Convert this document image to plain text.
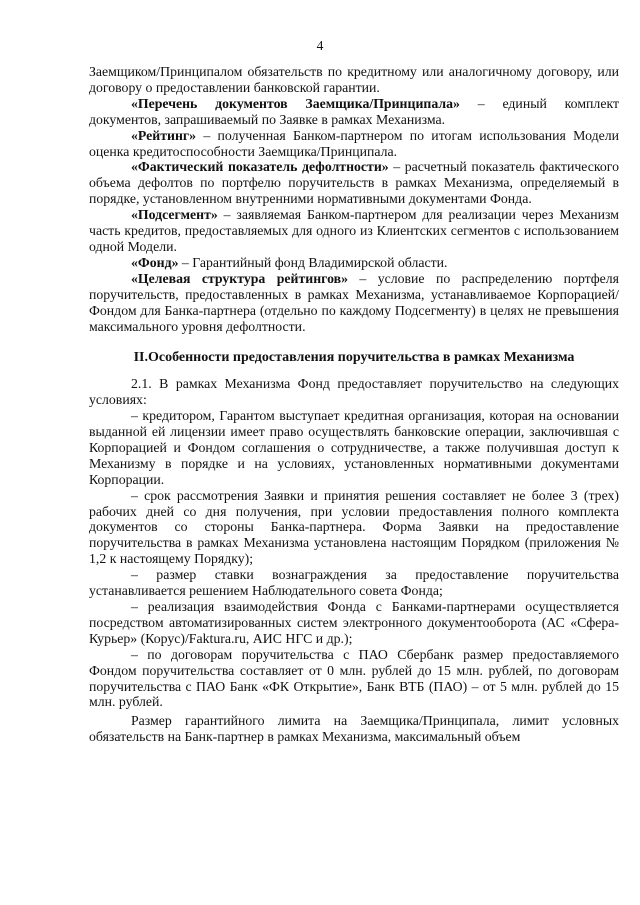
4

Заемщиком/Принципалом обязательств по кредитному или аналогичному договору, или договору о предоставлении банковской гарантии.

«Перечень документов Заемщика/Принципала» – единый комплект документов, запрашиваемый по Заявке в рамках Механизма.

«Рейтинг» – полученная Банком-партнером по итогам использования Модели оценка кредитоспособности Заемщика/Принципала.

«Фактический показатель дефолтности» – расчетный показатель фактического объема дефолтов по портфелю поручительств в рамках Механизма, определяемый в порядке, установленном внутренними нормативными документами Фонда.

«Подсегмент» – заявляемая Банком-партнером для реализации через Механизм часть кредитов, предоставляемых для одного из Клиентских сегментов с использованием одной Модели.

«Фонд» – Гарантийный фонд Владимирской области.

«Целевая структура рейтингов» – условие по распределению портфеля поручительств, предоставленных в рамках Механизма, устанавливаемое Корпорацией/Фондом для Банка-партнера (отдельно по каждому Подсегменту) в целях не превышения максимального уровня дефолтности.

II.Особенности предоставления поручительства в рамках Механизма

2.1. В рамках Механизма Фонд предоставляет поручительство на следующих условиях:

– кредитором, Гарантом выступает кредитная организация, которая на основании выданной ей лицензии имеет право осуществлять банковские операции, заключившая с Корпорацией и Фондом соглашения о сотрудничестве, а также получившая доступ к Механизму в порядке и на условиях, установленных нормативными документами Корпорации.

– срок рассмотрения Заявки и принятия решения составляет не более 3 (трех) рабочих дней со дня получения, при условии предоставления полного комплекта документов со стороны Банка-партнера. Форма Заявки на предоставление поручительства в рамках Механизма установлена настоящим Порядком (приложения № 1,2 к настоящему Порядку);

– размер ставки вознаграждения за предоставление поручительства устанавливается решением Наблюдательного совета Фонда;

– реализация взаимодействия Фонда с Банками-партнерами осуществляется посредством автоматизированных систем электронного документооборота (АС «Сфера-Курьер» (Корус)/Faktura.ru, АИС НГС и др.);

– по договорам поручительства с ПАО Сбербанк размер предоставляемого Фондом поручительства составляет от 0 млн. рублей до 15 млн. рублей, по договорам поручительства с ПАО Банк «ФК Открытие», Банк ВТБ (ПАО) – от 5 млн. рублей до 15 млн. рублей.

Размер гарантийного лимита на Заемщика/Принципала, лимит условных обязательств на Банк-партнер в рамках Механизма, максимальный объем
